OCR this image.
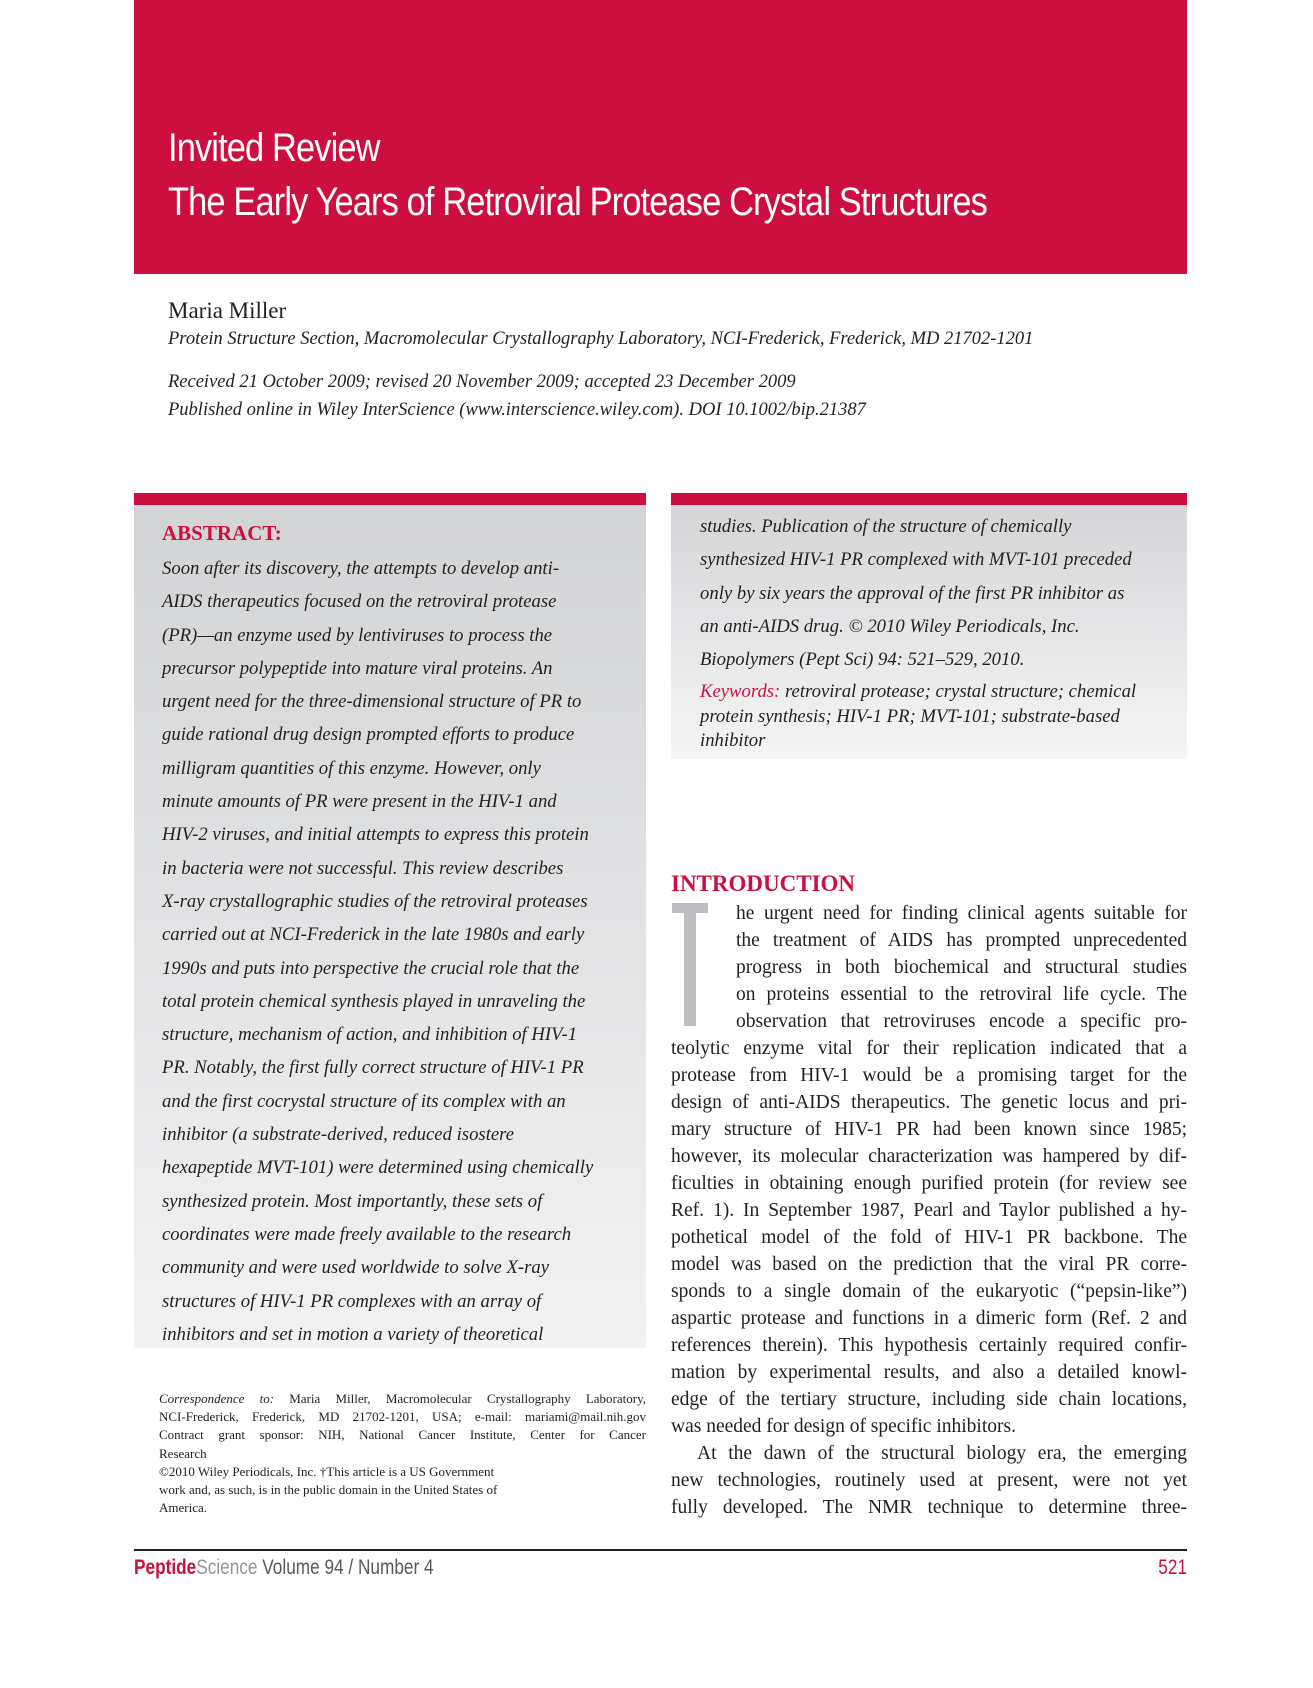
Invited Review
The Early Years of Retroviral Protease Crystal Structures
Maria Miller
Protein Structure Section, Macromolecular Crystallography Laboratory, NCI-Frederick, Frederick, MD 21702-1201
Received 21 October 2009; revised 20 November 2009; accepted 23 December 2009
Published online in Wiley InterScience (www.interscience.wiley.com). DOI 10.1002/bip.21387
ABSTRACT:
Soon after its discovery, the attempts to develop anti-
AIDS therapeutics focused on the retroviral protease
(PR)—an enzyme used by lentiviruses to process the
precursor polypeptide into mature viral proteins. An
urgent need for the three-dimensional structure of PR to
guide rational drug design prompted efforts to produce
milligram quantities of this enzyme. However, only
minute amounts of PR were present in the HIV-1 and
HIV-2 viruses, and initial attempts to express this protein
in bacteria were not successful. This review describes
X-ray crystallographic studies of the retroviral proteases
carried out at NCI-Frederick in the late 1980s and early
1990s and puts into perspective the crucial role that the
total protein chemical synthesis played in unraveling the
structure, mechanism of action, and inhibition of HIV-1
PR. Notably, the first fully correct structure of HIV-1 PR
and the first cocrystal structure of its complex with an
inhibitor (a substrate-derived, reduced isostere
hexapeptide MVT-101) were determined using chemically
synthesized protein. Most importantly, these sets of
coordinates were made freely available to the research
community and were used worldwide to solve X-ray
structures of HIV-1 PR complexes with an array of
inhibitors and set in motion a variety of theoretical
studies. Publication of the structure of chemically
synthesized HIV-1 PR complexed with MVT-101 preceded
only by six years the approval of the first PR inhibitor as
an anti-AIDS drug. © 2010 Wiley Periodicals, Inc.
Biopolymers (Pept Sci) 94: 521–529, 2010.
Keywords: retroviral protease; crystal structure; chemical
protein synthesis; HIV-1 PR; MVT-101; substrate-based
inhibitor
Correspondence to: Maria Miller, Macromolecular Crystallography Laboratory,
NCI-Frederick, Frederick, MD 21702-1201, USA; e-mail: mariami@mail.nih.gov
Contract grant sponsor: NIH, National Cancer Institute, Center for Cancer
Research
©2010 Wiley Periodicals, Inc. †This article is a US Government
work and, as such, is in the public domain in the United States of
America.
INTRODUCTION
he urgent need for finding clinical agents suitable for
the treatment of AIDS has prompted unprecedented
progress in both biochemical and structural studies
on proteins essential to the retroviral life cycle. The
observation that retroviruses encode a specific pro-
teolytic enzyme vital for their replication indicated that a
protease from HIV-1 would be a promising target for the
design of anti-AIDS therapeutics. The genetic locus and pri-
mary structure of HIV-1 PR had been known since 1985;
however, its molecular characterization was hampered by dif-
ficulties in obtaining enough purified protein (for review see
Ref. 1). In September 1987, Pearl and Taylor published a hy-
pothetical model of the fold of HIV-1 PR backbone. The
model was based on the prediction that the viral PR corre-
sponds to a single domain of the eukaryotic (“pepsin-like”)
aspartic protease and functions in a dimeric form (Ref. 2 and
references therein). This hypothesis certainly required confir-
mation by experimental results, and also a detailed knowl-
edge of the tertiary structure, including side chain locations,
was needed for design of specific inhibitors.
At the dawn of the structural biology era, the emerging
new technologies, routinely used at present, were not yet
fully developed. The NMR technique to determine three-
PeptideScience Volume 94 / Number 4	521
